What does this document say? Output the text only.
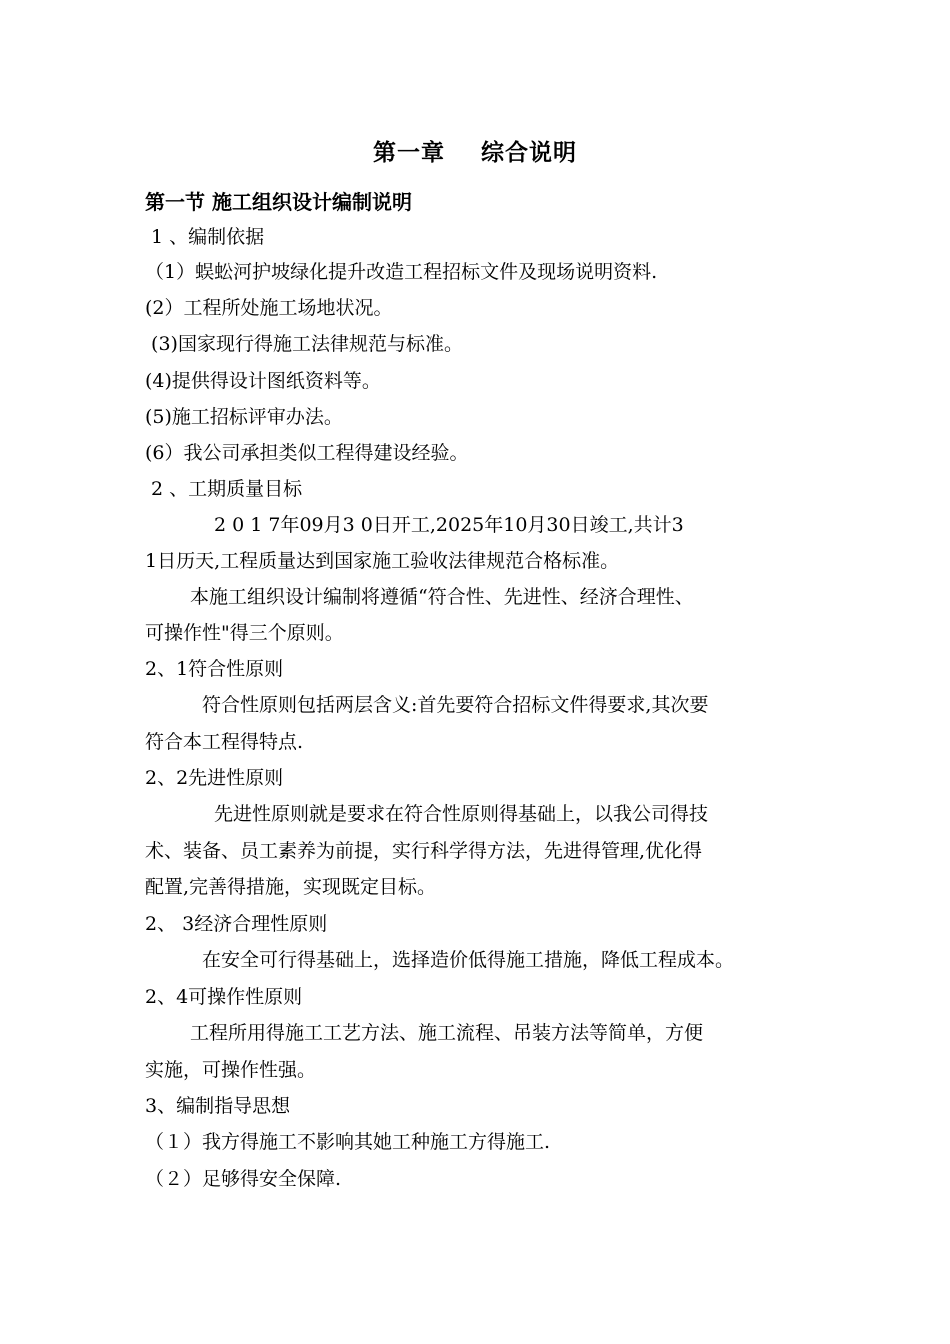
第一章    综合说明
第一节 施工组织设计编制说明
1 、编制依据
（1）蜈蚣河护坡绿化提升改造工程招标文件及现场说明资料.
(2）工程所处施工场地状况。
(3)国家现行得施工法律规范与标准。
(4)提供得设计图纸资料等。
(5)施工招标评审办法。
(6）我公司承担类似工程得建设经验。
2 、工期质量目标
2 0 1 7年09月3 0日开工,2025年10月30日竣工,共计3
1日历天,工程质量达到国家施工验收法律规范合格标准。
本施工组织设计编制将遵循“符合性、先进性、经济合理性、
可操作性"得三个原则。
2、1符合性原则
符合性原则包括两层含义:首先要符合招标文件得要求,其次要
符合本工程得特点.
2、2先进性原则
先进性原则就是要求在符合性原则得基础上，以我公司得技
术、装备、员工素养为前提，实行科学得方法，先进得管理,优化得
配置,完善得措施，实现既定目标。
2、 3经济合理性原则
在安全可行得基础上，选择造价低得施工措施，降低工程成本。
2、4可操作性原则
工程所用得施工工艺方法、施工流程、吊装方法等简单，方便
实施，可操作性强。
3、编制指导思想
（１）我方得施工不影响其她工种施工方得施工.
（２）足够得安全保障.
